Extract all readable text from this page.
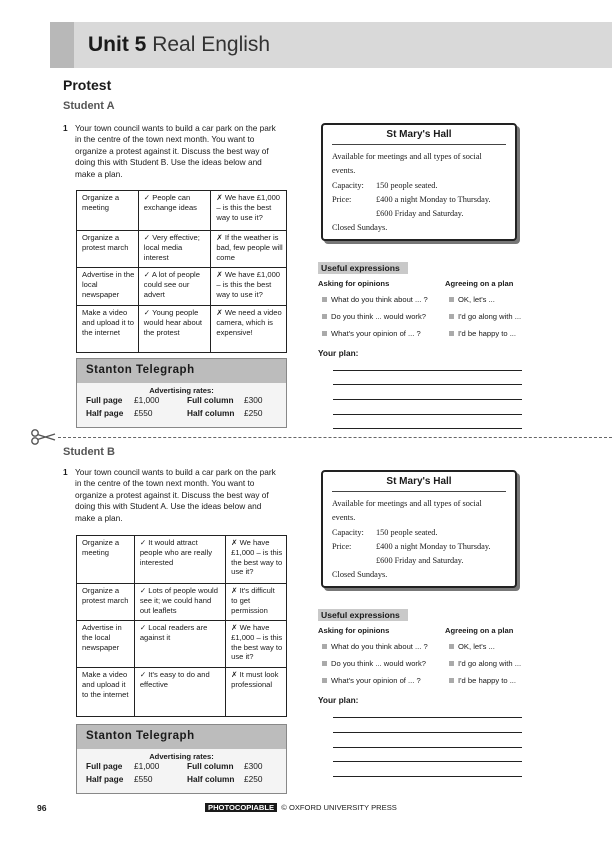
Unit 5 Real English
Protest
Student A
1 Your town council wants to build a car park on the park in the centre of the town next month. You want to organize a protest against it. Discuss the best way of doing this with Student B. Use the ideas below and make a plan.
Organize a meeting	✓ People can exchange ideas	✗ We have £1,000 – is this the best way to use it?
Organize a protest march	✓ Very effective; local media interest	✗ If the weather is bad, few people will come
Advertise in the local newspaper	✓ A lot of people could see our advert	✗ We have £1,000 – is this the best way to use it?
Make a video and upload it to the internet	✓ Young people would hear about the protest	✗ We need a video camera, which is expensive!
Stanton Telegraph
Advertising rates:
Full page £1,000	Full column £300
Half page £550	Half column £250
St Mary's Hall
Available for meetings and all types of social events.
Capacity: 150 people seated.
Price:	£400 a night Monday to Thursday.
£600 Friday and Saturday.
Closed Sundays.
Useful expressions
Asking for opinions	Agreeing on a plan
What do you think about ... ?
Do you think ... would work?
What's your opinion of ... ?
OK, let's ...
I'd go along with ...
I'd be happy to ...
Your plan:
Student B
1 Your town council wants to build a car park on the park in the centre of the town next month. You want to organize a protest against it. Discuss the best way of doing this with Student A. Use the ideas below and make a plan.
Organize a meeting	✓ It would attract people who are really interested	✗ We have £1,000 – is this the best way to use it?
Organize a protest march	✓ Lots of people would see it; we could hand out leaflets	✗ It's difficult to get permission
Advertise in the local newspaper	✓ Local readers are against it	✗ We have £1,000 – is this the best way to use it?
Make a video and upload it to the internet	✓ It's easy to do and effective	✗ It must look professional
Stanton Telegraph
Advertising rates:
Full page £1,000	Full column £300
Half page £550	Half column £250
St Mary's Hall
Available for meetings and all types of social events.
Capacity: 150 people seated.
Price:	£400 a night Monday to Thursday.
£600 Friday and Saturday.
Closed Sundays.
Useful expressions
Asking for opinions	Agreeing on a plan
What do you think about ... ?
Do you think ... would work?
What's your opinion of ... ?
OK, let's ...
I'd go along with ...
I'd be happy to ...
Your plan:
96	PHOTOCOPIABLE © OXFORD UNIVERSITY PRESS
